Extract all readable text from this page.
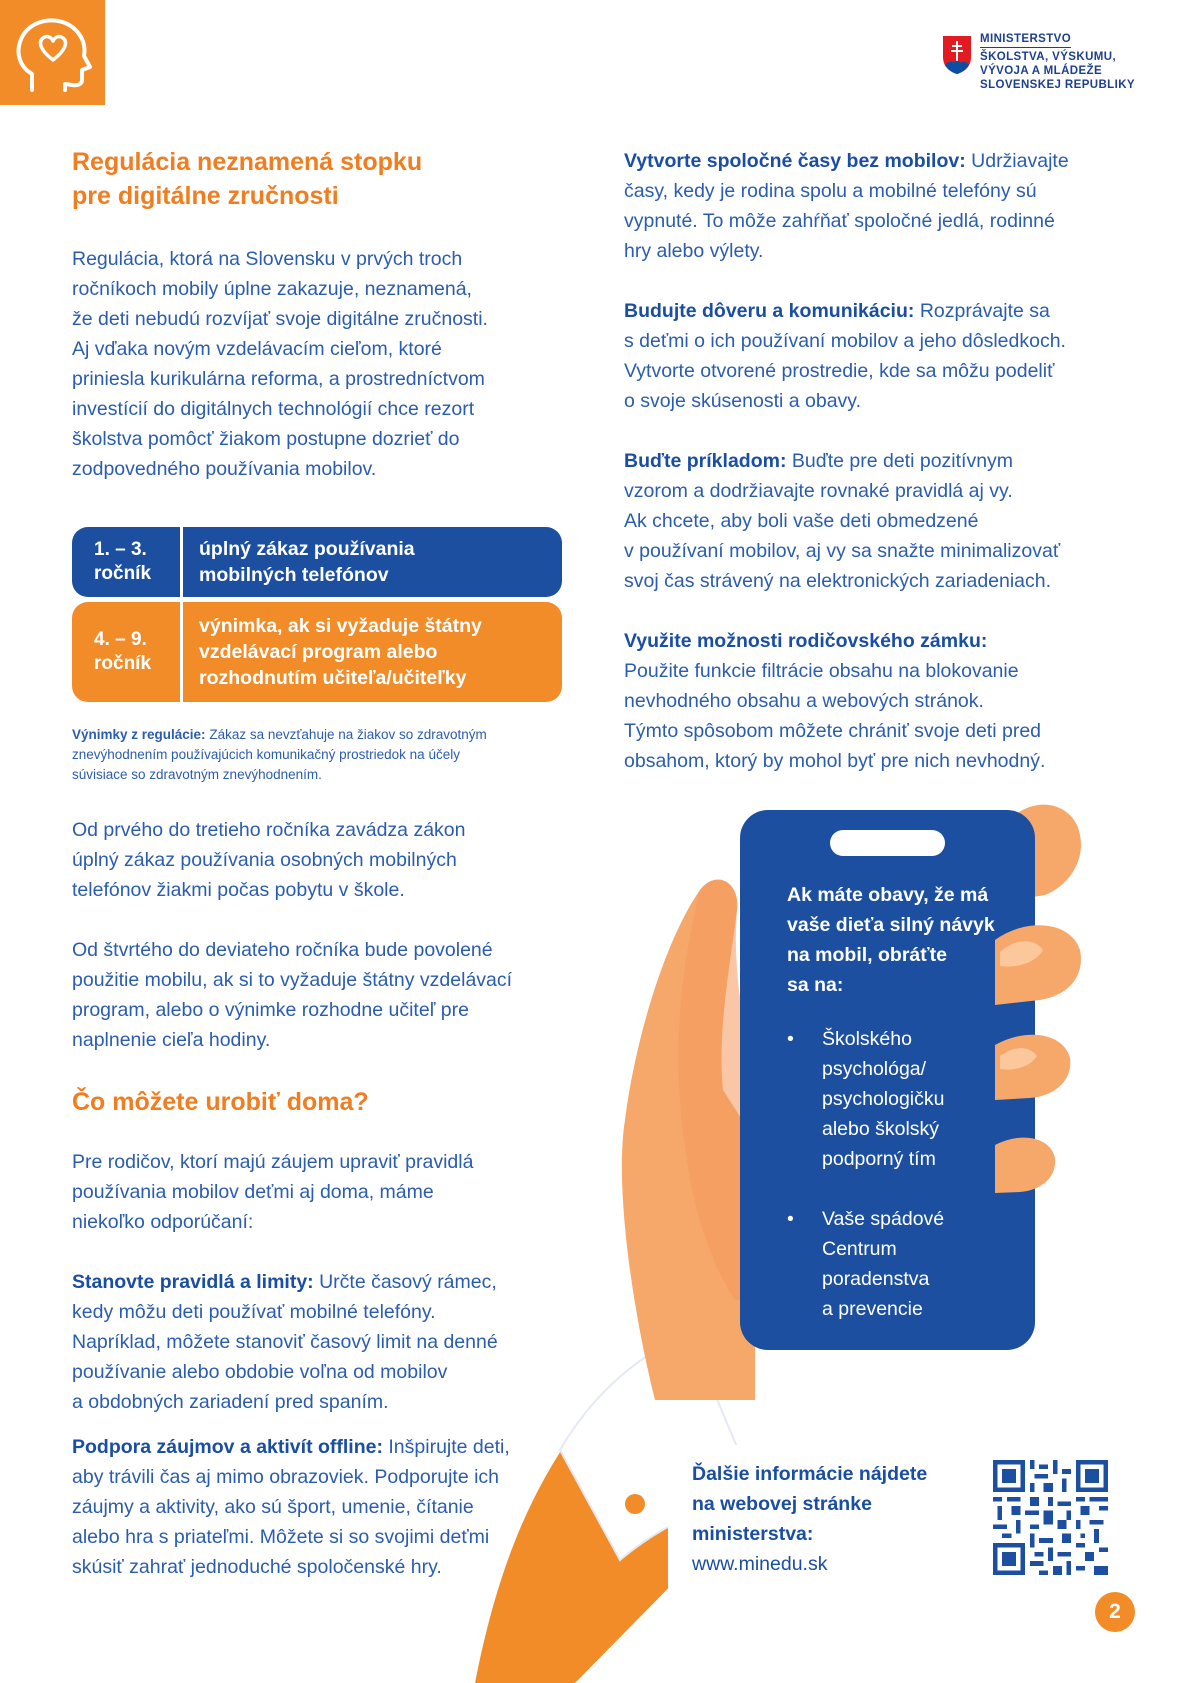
MINISTERSTVO
ŠKOLSTVA, VÝSKUMU,
VÝVOJA A MLÁDEŽE
SLOVENSKEJ REPUBLIKY
Regulácia neznamená stopku
pre digitálne zručnosti
Regulácia, ktorá na Slovensku v prvých troch
ročníkoch mobily úplne zakazuje, neznamená,
že deti nebudú rozvíjať svoje digitálne zručnosti.
Aj vďaka novým vzdelávacím cieľom, ktoré
priniesla kurikulárna reforma, a prostredníctvom
investícií do digitálnych technológií chce rezort
školstva pomôcť žiakom postupne dozrieť do
zodpovedného používania mobilov.
1. – 3.
ročník
úplný zákaz používania
mobilných telefónov
4. – 9.
ročník
výnimka, ak si vyžaduje štátny
vzdelávací program alebo
rozhodnutím učiteľa/učiteľky
Výnimky z regulácie: Zákaz sa nevzťahuje na žiakov so zdravotným
znevýhodnením používajúcich komunikačný prostriedok na účely
súvisiace so zdravotným znevýhodnením.
Od prvého do tretieho ročníka zavádza zákon
úplný zákaz používania osobných mobilných
telefónov žiakmi počas pobytu v škole.
Od štvrtého do deviateho ročníka bude povolené
použitie mobilu, ak si to vyžaduje štátny vzdelávací
program, alebo o výnimke rozhodne učiteľ pre
naplnenie cieľa hodiny.
Čo môžete urobiť doma?
Pre rodičov, ktorí majú záujem upraviť pravidlá
používania mobilov deťmi aj doma, máme
niekoľko odporúčaní:
Stanovte pravidlá a limity: Určte časový rámec,
kedy môžu deti používať mobilné telefóny.
Napríklad, môžete stanoviť časový limit na denné
používanie alebo obdobie voľna od mobilov
a obdobných zariadení pred spaním.
Podpora záujmov a aktivít offline: Inšpirujte deti,
aby trávili čas aj mimo obrazoviek. Podporujte ich
záujmy a aktivity, ako sú šport, umenie, čítanie
alebo hra s priateľmi. Môžete si so svojimi deťmi
skúsiť zahrať jednoduché spoločenské hry.
Vytvorte spoločné časy bez mobilov: Udržiavajte
časy, kedy je rodina spolu a mobilné telefóny sú
vypnuté. To môže zahŕňať spoločné jedlá, rodinné
hry alebo výlety.
Budujte dôveru a komunikáciu: Rozprávajte sa
s deťmi o ich používaní mobilov a jeho dôsledkoch.
Vytvorte otvorené prostredie, kde sa môžu podeliť
o svoje skúsenosti a obavy.
Buďte príkladom: Buďte pre deti pozitívnym
vzorom a dodržiavajte rovnaké pravidlá aj vy.
Ak chcete, aby boli vaše deti obmedzené
v používaní mobilov, aj vy sa snažte minimalizovať
svoj čas strávený na elektronických zariadeniach.
Využite možnosti rodičovského zámku:
Použite funkcie filtrácie obsahu na blokovanie
nevhodného obsahu a webových stránok.
Týmto spôsobom môžete chrániť svoje deti pred
obsahom, ktorý by mohol byť pre nich nevhodný.
Ak máte obavy, že má
vaše dieťa silný návyk
na mobil, obráťte
sa na:
• Školského
psychológa/
psychologičku
alebo školský
podporný tím
• Vaše spádové
Centrum
poradenstva
a prevencie
Ďalšie informácie nájdete
na webovej stránke
ministerstva:
www.minedu.sk
2
